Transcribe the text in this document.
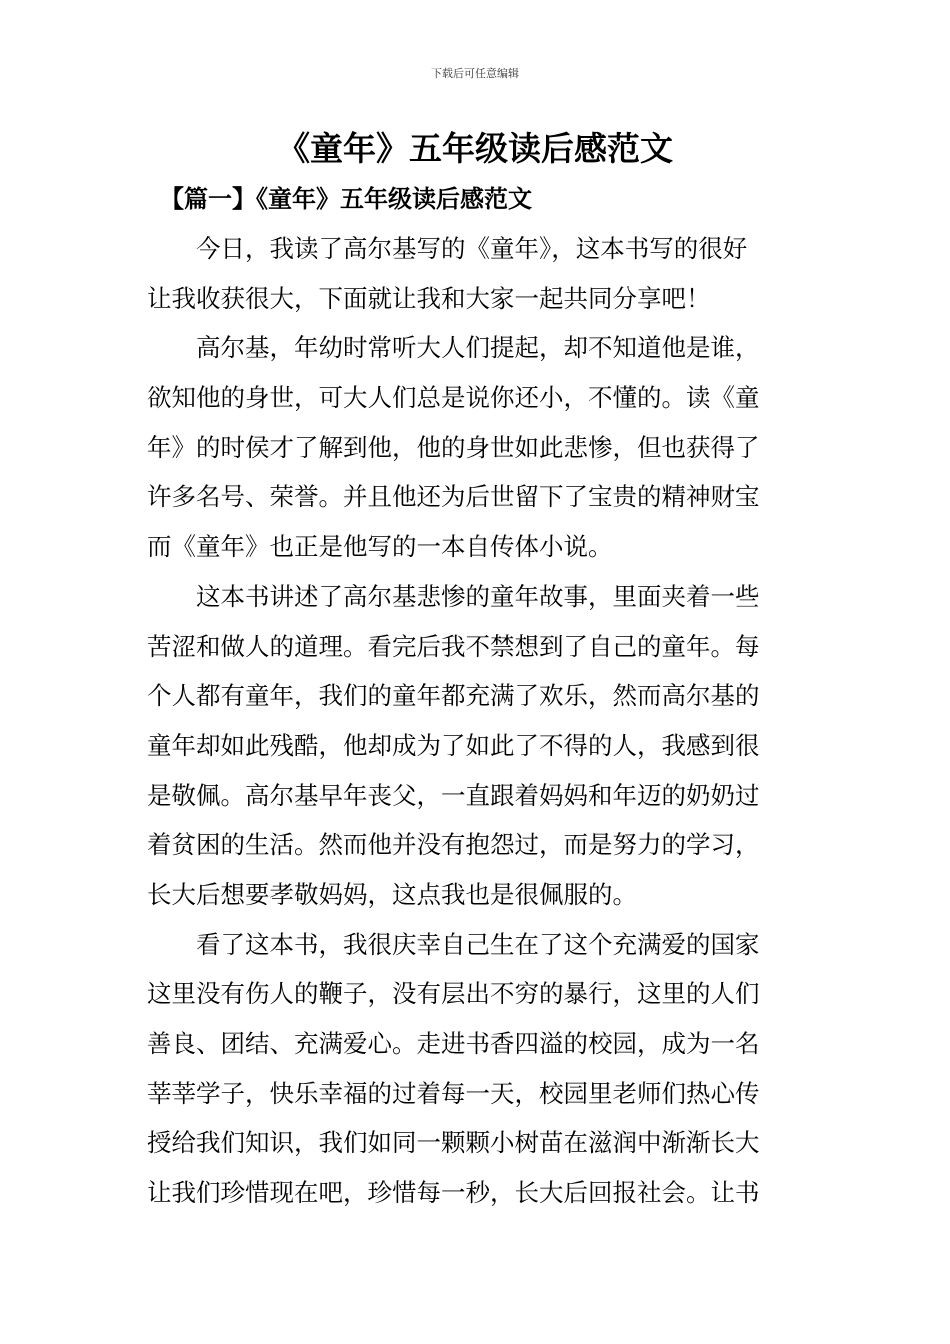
下载后可任意编辑
《童年》五年级读后感范文
【篇一】《童年》五年级读后感范文
今日，我读了高尔基写的《童年》，这本书写的很好
让我收获很大，下面就让我和大家一起共同分享吧！
高尔基，年幼时常听大人们提起，却不知道他是谁，
欲知他的身世，可大人们总是说你还小，不懂的。读《童
年》的时侯才了解到他，他的身世如此悲惨，但也获得了
许多名号、荣誉。并且他还为后世留下了宝贵的精神财宝
而《童年》也正是他写的一本自传体小说。
这本书讲述了高尔基悲惨的童年故事，里面夹着一些
苦涩和做人的道理。看完后我不禁想到了自己的童年。每
个人都有童年，我们的童年都充满了欢乐，然而高尔基的
童年却如此残酷，他却成为了如此了不得的人，我感到很
是敬佩。高尔基早年丧父，一直跟着妈妈和年迈的奶奶过
着贫困的生活。然而他并没有抱怨过，而是努力的学习，
长大后想要孝敬妈妈，这点我也是很佩服的。
看了这本书，我很庆幸自己生在了这个充满爱的国家
这里没有伤人的鞭子，没有层出不穷的暴行，这里的人们
善良、团结、充满爱心。走进书香四溢的校园，成为一名
莘莘学子，快乐幸福的过着每一天，校园里老师们热心传
授给我们知识，我们如同一颗颗小树苗在滋润中渐渐长大
让我们珍惜现在吧，珍惜每一秒，长大后回报社会。让书
